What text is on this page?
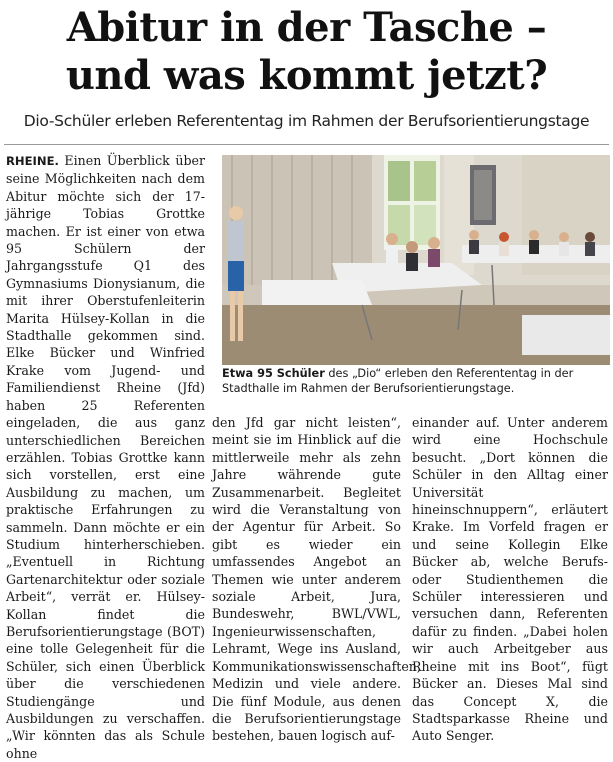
Abitur in der Tasche –
und was kommt jetzt?
Dio-Schüler erleben Referententag im Rahmen der Berufsorientierungstage
RHEINE. Einen Überblick über seine Möglichkeiten nach dem Abitur möchte sich der 17-jährige Tobias Grottke machen. Er ist einer von etwa 95 Schülern der Jahrgangsstufe Q1 des Gymnasiums Dionysianum, die mit ihrer Oberstufenleiterin Marita Hülsey-Kollan in die Stadthalle gekommen sind. Elke Bücker und Winfried Krake vom Jugend- und Familiendienst Rheine (Jfd) haben 25 Referenten eingeladen, die aus ganz unterschiedlichen Bereichen erzählen. Tobias Grottke kann sich vorstellen, erst eine Ausbildung zu machen, um praktische Erfahrungen zu sammeln. Dann möchte er ein Studium hinterherschieben. „Eventuell in Richtung Gartenarchitektur oder soziale Arbeit“, verrät er. Hülsey-Kollan findet die Berufsorientierungstage (BOT) eine tolle Gelegenheit für die Schüler, sich einen Überblick über die verschiedenen Studiengänge und Ausbildungen zu verschaffen. „Wir könnten das als Schule ohne
Etwa 95 Schüler des „Dio“ erleben den Referententag in der Stadthalle im Rahmen der Berufsorientierungstage.
den Jfd gar nicht leisten“, meint sie im Hinblick auf die mittlerweile mehr als zehn Jahre währende gute Zusammenarbeit. Begleitet wird die Veranstaltung von der Agentur für Arbeit. So gibt es wieder ein umfassendes Angebot an Themen wie unter anderem soziale Arbeit, Jura, Bundeswehr, BWL/VWL, Ingenieurwissenschaften, Lehramt, Wege ins Ausland, Kommunikationswissenschaften, Medizin und viele andere. Die fünf Module, aus denen die Berufsorientierungstage bestehen, bauen logisch auf-
einander auf. Unter anderem wird eine Hochschule besucht. „Dort können die Schüler in den Alltag einer Universität hineinschnuppern“, erläutert Krake. Im Vorfeld fragen er und seine Kollegin Elke Bücker ab, welche Berufs- oder Studienthemen die Schüler interessieren und versuchen dann, Referenten dafür zu finden. „Dabei holen wir auch Arbeitgeber aus Rheine mit ins Boot“, fügt Bücker an. Dieses Mal sind das Concept X, die Stadtsparkasse Rheine und Auto Senger.
